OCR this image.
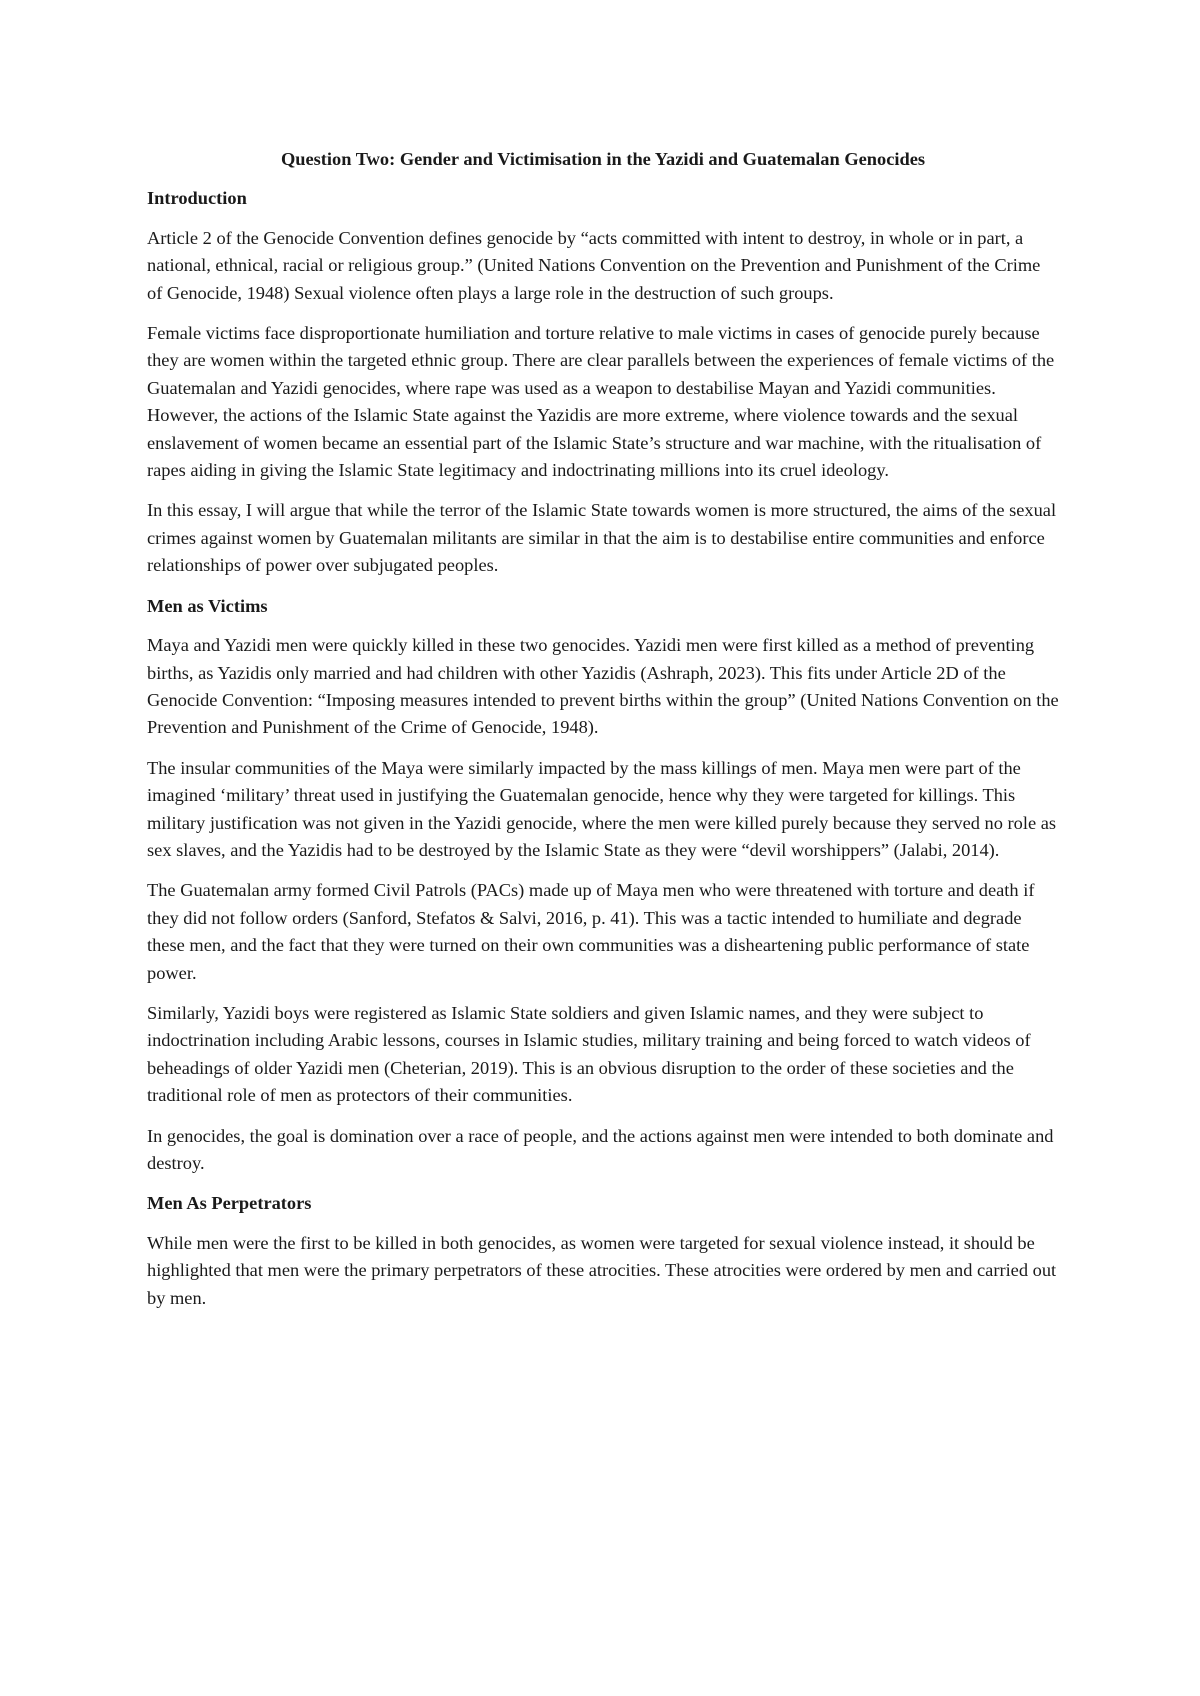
Question Two: Gender and Victimisation in the Yazidi and Guatemalan Genocides
Introduction

Article 2 of the Genocide Convention defines genocide by “acts committed with intent to destroy, in whole or in part, a national, ethnical, racial or religious group.” (United Nations Convention on the Prevention and Punishment of the Crime of Genocide, 1948) Sexual violence often plays a large role in the destruction of such groups.

Female victims face disproportionate humiliation and torture relative to male victims in cases of genocide purely because they are women within the targeted ethnic group. There are clear parallels between the experiences of female victims of the Guatemalan and Yazidi genocides, where rape was used as a weapon to destabilise Mayan and Yazidi communities. However, the actions of the Islamic State against the Yazidis are more extreme, where violence towards and the sexual enslavement of women became an essential part of the Islamic State’s structure and war machine, with the ritualisation of rapes aiding in giving the Islamic State legitimacy and indoctrinating millions into its cruel ideology.

In this essay, I will argue that while the terror of the Islamic State towards women is more structured, the aims of the sexual crimes against women by Guatemalan militants are similar in that the aim is to destabilise entire communities and enforce relationships of power over subjugated peoples.

Men as Victims

Maya and Yazidi men were quickly killed in these two genocides. Yazidi men were first killed as a method of preventing births, as Yazidis only married and had children with other Yazidis (Ashraph, 2023). This fits under Article 2D of the Genocide Convention: “Imposing measures intended to prevent births within the group” (United Nations Convention on the Prevention and Punishment of the Crime of Genocide, 1948).

The insular communities of the Maya were similarly impacted by the mass killings of men. Maya men were part of the imagined ‘military’ threat used in justifying the Guatemalan genocide, hence why they were targeted for killings. This military justification was not given in the Yazidi genocide, where the men were killed purely because they served no role as sex slaves, and the Yazidis had to be destroyed by the Islamic State as they were “devil worshippers” (Jalabi, 2014).

The Guatemalan army formed Civil Patrols (PACs) made up of Maya men who were threatened with torture and death if they did not follow orders (Sanford, Stefatos & Salvi, 2016, p. 41). This was a tactic intended to humiliate and degrade these men, and the fact that they were turned on their own communities was a disheartening public performance of state power.

Similarly, Yazidi boys were registered as Islamic State soldiers and given Islamic names, and they were subject to indoctrination including Arabic lessons, courses in Islamic studies, military training and being forced to watch videos of beheadings of older Yazidi men (Cheterian, 2019). This is an obvious disruption to the order of these societies and the traditional role of men as protectors of their communities.

In genocides, the goal is domination over a race of people, and the actions against men were intended to both dominate and destroy.

Men As Perpetrators

While men were the first to be killed in both genocides, as women were targeted for sexual violence instead, it should be highlighted that men were the primary perpetrators of these atrocities. These atrocities were ordered by men and carried out by men.
